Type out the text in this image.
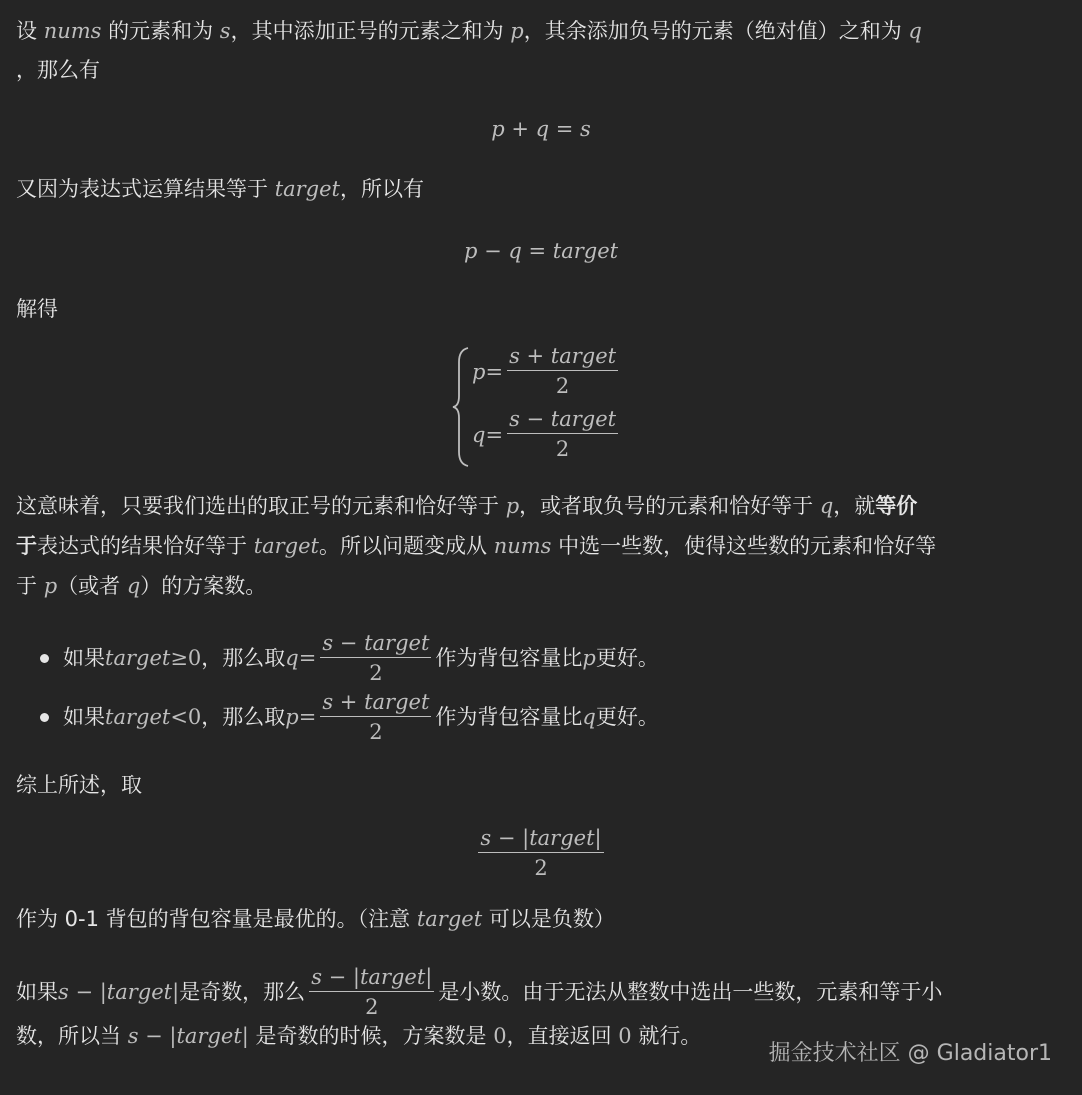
设 nums 的元素和为 s，其中添加正号的元素之和为 p，其余添加负号的元素（绝对值）之和为 q
，那么有
p + q = s
又因为表达式运算结果等于 target，所以有
p − q = target
解得
$p = \frac{\text{s + target}}{2}$
$q = \frac{\text{s − target}}{2}$
这意味着，只要我们选出的取正号的元素和恰好等于 p，或者取负号的元素和恰好等于 q，就等价
于表达式的结果恰好等于 target。所以问题变成从 nums 中选一些数，使得这些数的元素和恰好等
于 p（或者 q）的方案数。
如果 target ≥ 0 ，那么取 $q = \frac{\text{s − target}}{2}$ 作为背包容量比 p 更好。
如果 target < 0 ，那么取 $p = \frac{\text{s + target}}{2}$ 作为背包容量比 q 更好。
综上所述，取
$\frac{\text{s − |target|}}{2}$
作为 0-1 背包的背包容量是最优的。（注意 target 可以是负数）
如果 s − |target| 是奇数，那么 $\frac{\text{s − |target|}}{2}$ 是小数。由于无法从整数中选出一些数，元素和等于小
数，所以当 s − |target| 是奇数的时候，方案数是 0，直接返回 0 就行。
掘金技术社区 @ Gladiator1
